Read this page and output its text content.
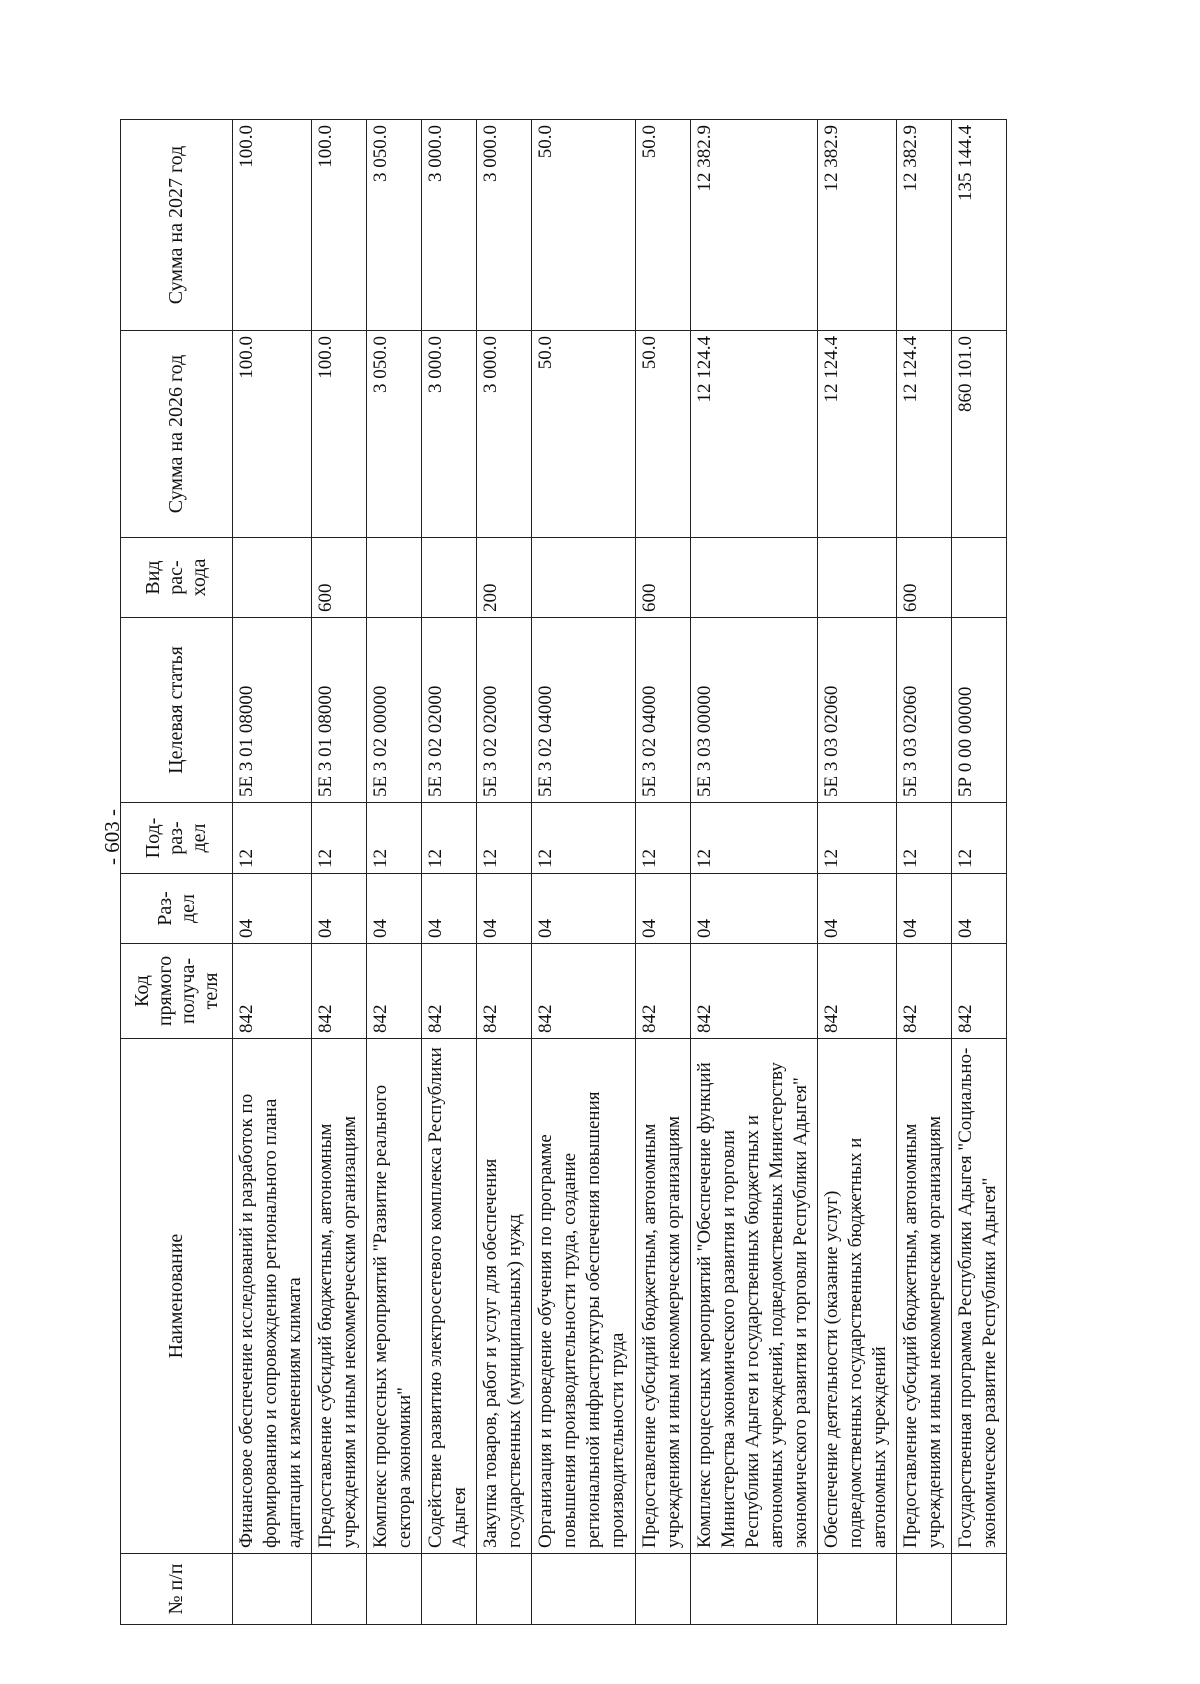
- 603 -
№ п/п	Наименование	Код прямого получа-теля	Раз-дел	Под-раз-дел	Целевая статья	Вид рас-хода	Сумма на 2026 год	Сумма на 2027 год
	Финансовое обеспечение исследований и разработок по формированию и сопровождению регионального плана адаптации к изменениям климата	842	04	12	5Е 3 01 08000		100.0	100.0
	Предоставление субсидий бюджетным, автономным учреждениям и иным некоммерческим организациям	842	04	12	5Е 3 01 08000	600	100.0	100.0
	Комплекс процессных мероприятий "Развитие реального сектора экономики"	842	04	12	5Е 3 02 00000		3 050.0	3 050.0
	Содействие развитию электросетевого комплекса Республики Адыгея	842	04	12	5Е 3 02 02000		3 000.0	3 000.0
	Закупка товаров, работ и услуг для обеспечения государственных (муниципальных) нужд	842	04	12	5Е 3 02 02000	200	3 000.0	3 000.0
	Организация и проведение обучения по программе повышения производительности труда, создание региональной инфраструктуры обеспечения повышения производительности труда	842	04	12	5Е 3 02 04000		50.0	50.0
	Предоставление субсидий бюджетным, автономным учреждениям и иным некоммерческим организациям	842	04	12	5Е 3 02 04000	600	50.0	50.0
	Комплекс процессных мероприятий "Обеспечение функций Министерства экономического развития и торговли Республики Адыгея и государственных бюджетных и автономных учреждений, подведомственных Министерству экономического развития и торговли Республики Адыгея"	842	04	12	5Е 3 03 00000		12 124.4	12 382.9
	Обеспечение деятельности (оказание услуг) подведомственных государственных бюджетных и автономных учреждений	842	04	12	5Е 3 03 02060		12 124.4	12 382.9
	Предоставление субсидий бюджетным, автономным учреждениям и иным некоммерческим организациям	842	04	12	5Е 3 03 02060	600	12 124.4	12 382.9
	Государственная программа Республики Адыгея "Социально-экономическое развитие Республики Адыгея"	842	04	12	5Р 0 00 00000		860 101.0	135 144.4
